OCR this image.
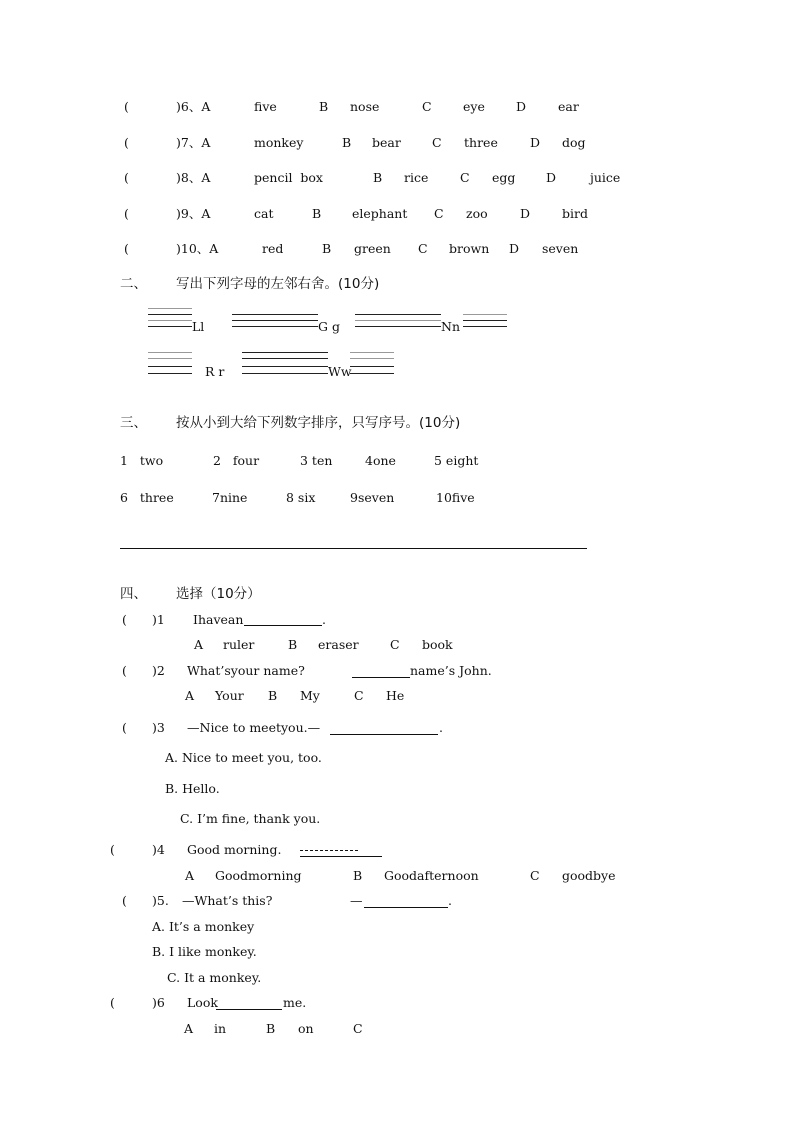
(	)6、A	five	B nose	C	eye D	ear
(	)7、A	monkey	B bear C three	D dog
(	)8、A	pencil  box	B rice	C egg D	juice
(	)9、A	cat	B elephant C zoo	D	bird
(	)10、A	red	B green C brown D seven
二、 写出下列字母的左邻右舍。(10分)
Ll	G g	Nn
R r	Ww
三、 按从小到大给下列数字排序，只写序号。(10分)
1   two	2   four	3 ten	4one	5 eight
6   three	7nine	8 six	9seven	10five
四、 选择（10分）
( )1 Ihavean	.
A ruler	B eraser	C book
( )2 What’syour name?	name’s John.
A Your B My	C He
( )3 —Nice to meetyou.—	.
A. Nice to meet you, too.
B. Hello.
C. I’m fine, thank you.
(	)4 Good morning.
A Goodmorning	B Goodafternoon	C goodbye
( )5. —What’s this?	—	.
A. It’s a monkey
B. I like monkey.
C. It a monkey.
(	)6 Look	me.
A in	B on	C
